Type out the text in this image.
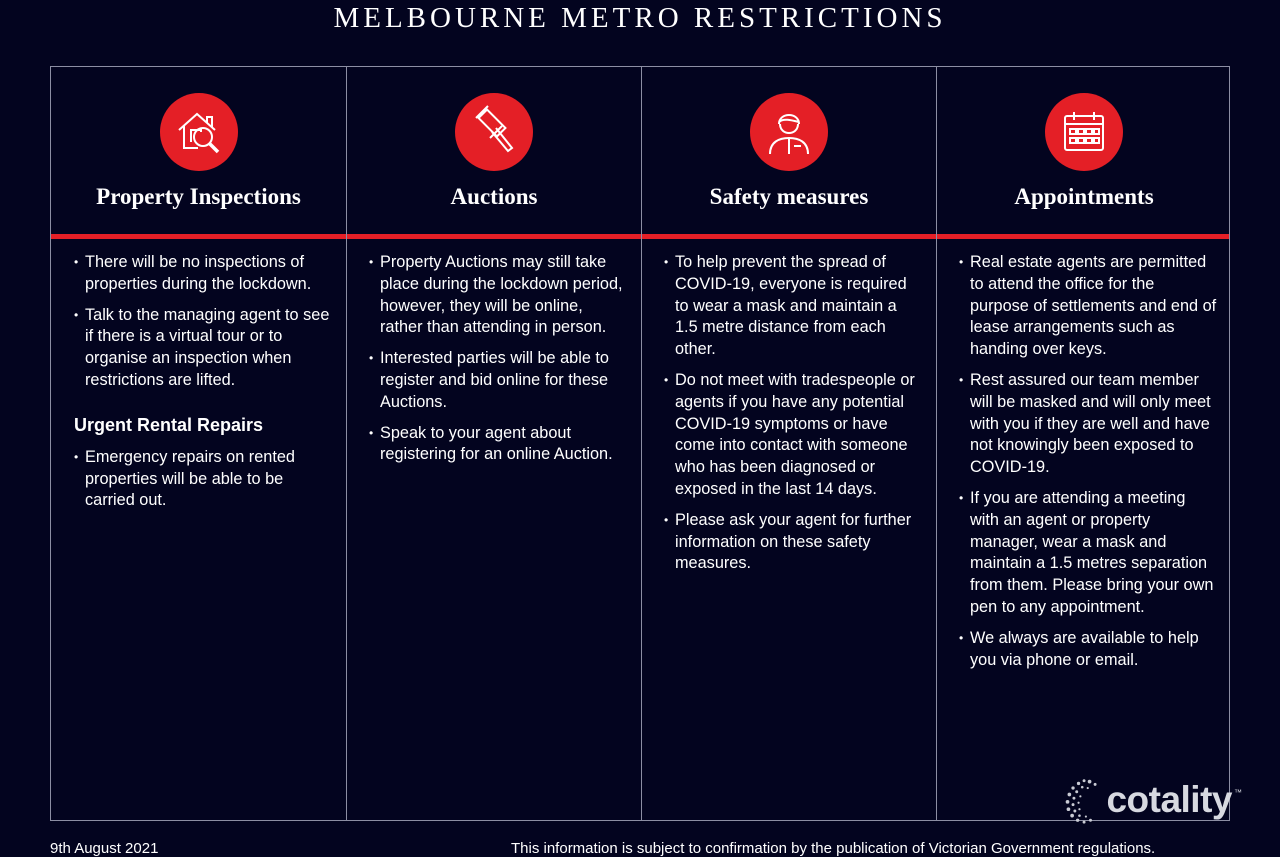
MELBOURNE METRO RESTRICTIONS
Property Inspections
• There will be no inspections of properties during the lockdown.
• Talk to the managing agent to see if there is a virtual tour or to organise an inspection when restrictions are lifted.
Urgent Rental Repairs
• Emergency repairs on rented properties will be able to be carried out.
Auctions
• Property Auctions may still take place during the lockdown period, however, they will be online, rather than attending in person.
• Interested parties will be able to register and bid online for these Auctions.
• Speak to your agent about registering for an online Auction.
Safety measures
• To help prevent the spread of COVID-19, everyone is required to wear a mask and maintain a 1.5 metre distance from each other.
• Do not meet with tradespeople or agents if you have any potential COVID-19 symptoms or have come into contact with someone who has been diagnosed or exposed in the last 14 days.
• Please ask your agent for further information on these safety measures.
Appointments
• Real estate agents are permitted to attend the office for the purpose of settlements and end of lease arrangements such as handing over keys.
• Rest assured our team member will be masked and will only meet with you if they are well and have not knowingly been exposed to COVID-19.
• If you are attending a meeting with an agent or property manager, wear a mask and maintain a 1.5 metres separation from them. Please bring your own pen to any appointment.
• We always are available to help you via phone or email.
cotality ™
9th August 2021	This information is subject to confirmation by the publication of Victorian Government regulations.
